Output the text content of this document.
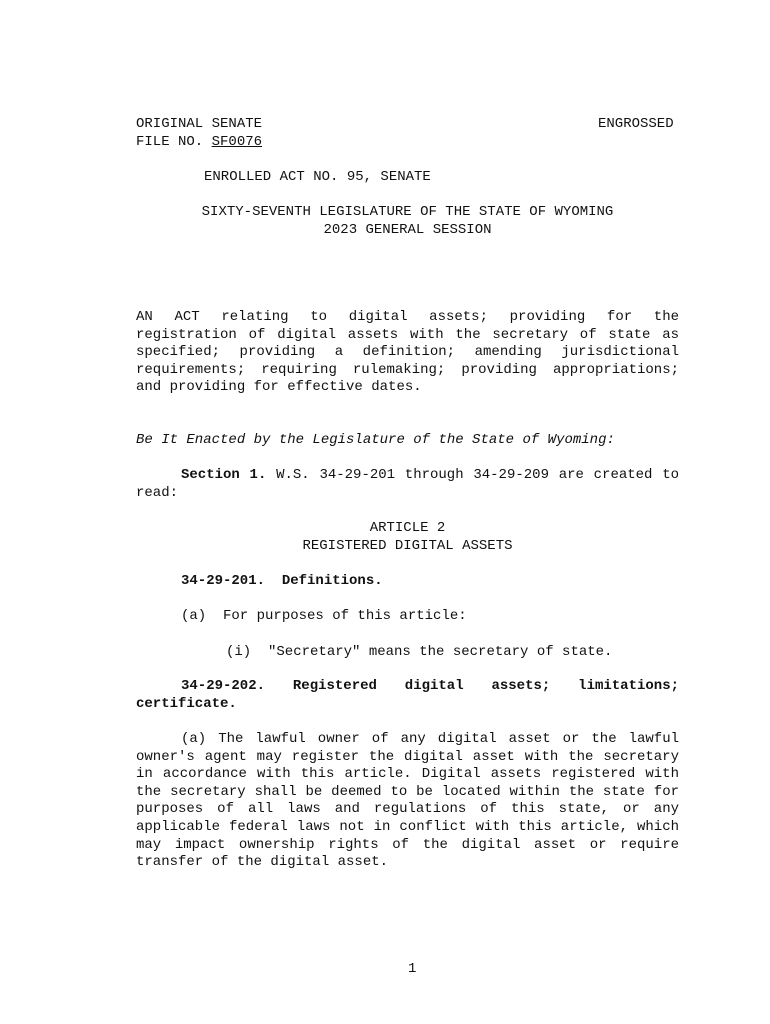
ORIGINAL SENATE
FILE NO. SF0076
ENGROSSED
ENROLLED ACT NO. 95, SENATE
SIXTY-SEVENTH LEGISLATURE OF THE STATE OF WYOMING
2023 GENERAL SESSION
AN ACT relating to digital assets; providing for the registration of digital assets with the secretary of state as specified; providing a definition; amending jurisdictional requirements; requiring rulemaking; providing appropriations; and providing for effective dates.
Be It Enacted by the Legislature of the State of Wyoming:
Section 1. W.S. 34-29-201 through 34-29-209 are created to read:
ARTICLE 2
REGISTERED DIGITAL ASSETS
34-29-201.  Definitions.
(a)  For purposes of this article:
(i)  "Secretary" means the secretary of state.
34-29-202. Registered digital assets; limitations; certificate.
(a) The lawful owner of any digital asset or the lawful owner's agent may register the digital asset with the secretary in accordance with this article. Digital assets registered with the secretary shall be deemed to be located within the state for purposes of all laws and regulations of this state, or any applicable federal laws not in conflict with this article, which may impact ownership rights of the digital asset or require transfer of the digital asset.
1
